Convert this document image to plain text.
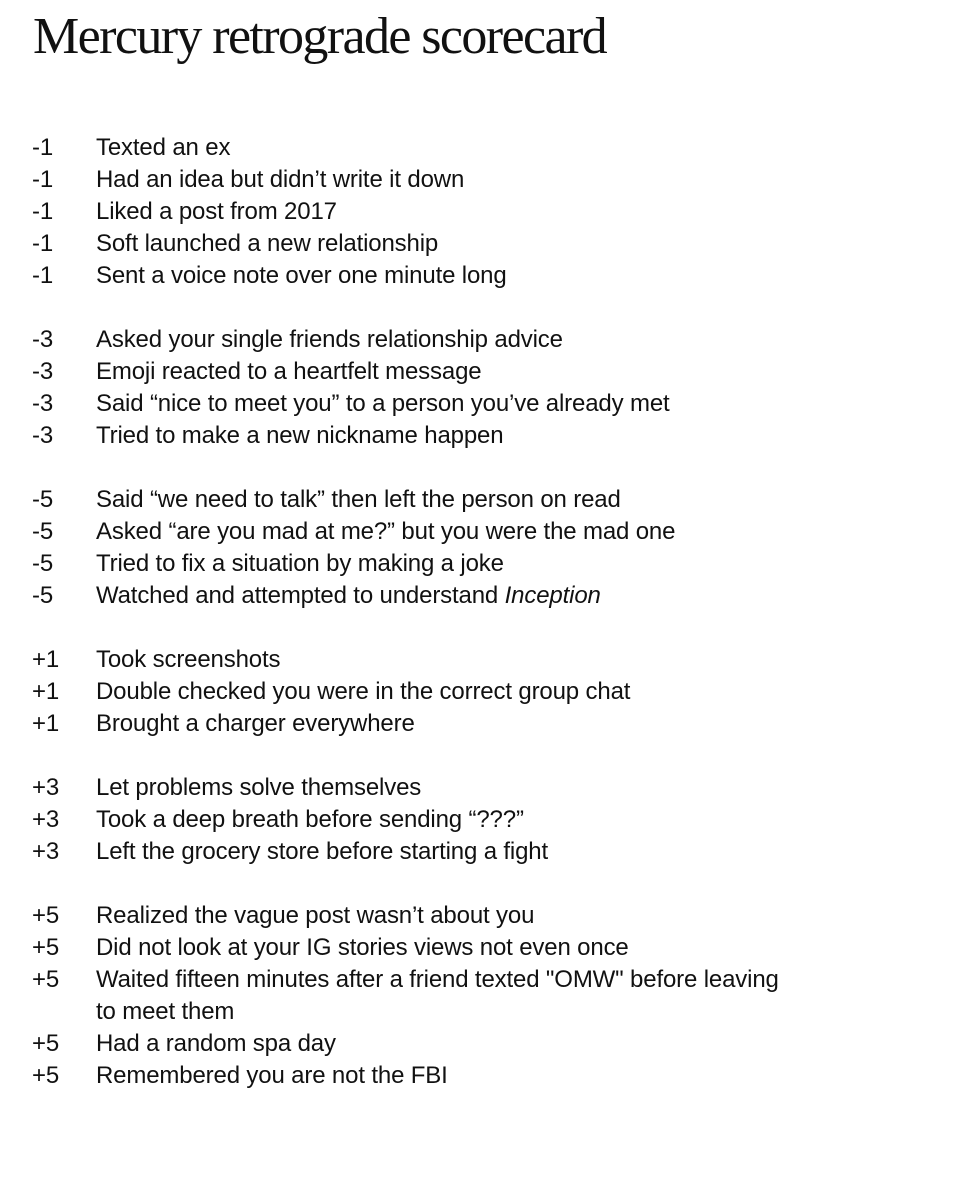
Mercury retrograde scorecard
-1	Texted an ex
-1	Had an idea but didn’t write it down
-1	Liked a post from 2017
-1	Soft launched a new relationship
-1	Sent a voice note over one minute long
-3	Asked your single friends relationship advice
-3	Emoji reacted to a heartfelt message
-3	Said “nice to meet you” to a person you’ve already met
-3	Tried to make a new nickname happen
-5	Said “we need to talk” then left the person on read
-5	Asked “are you mad at me?” but you were the mad one
-5	Tried to fix a situation by making a joke
-5	Watched and attempted to understand Inception
+1	Took screenshots
+1	Double checked you were in the correct group chat
+1	Brought a charger everywhere
+3	Let problems solve themselves
+3	Took a deep breath before sending “???”
+3	Left the grocery store before starting a fight
+5	Realized the vague post wasn’t about you
+5	Did not look at your IG stories views not even once
+5	Waited fifteen minutes after a friend texted "OMW" before leaving to meet them
+5	Had a random spa day
+5	Remembered you are not the FBI
